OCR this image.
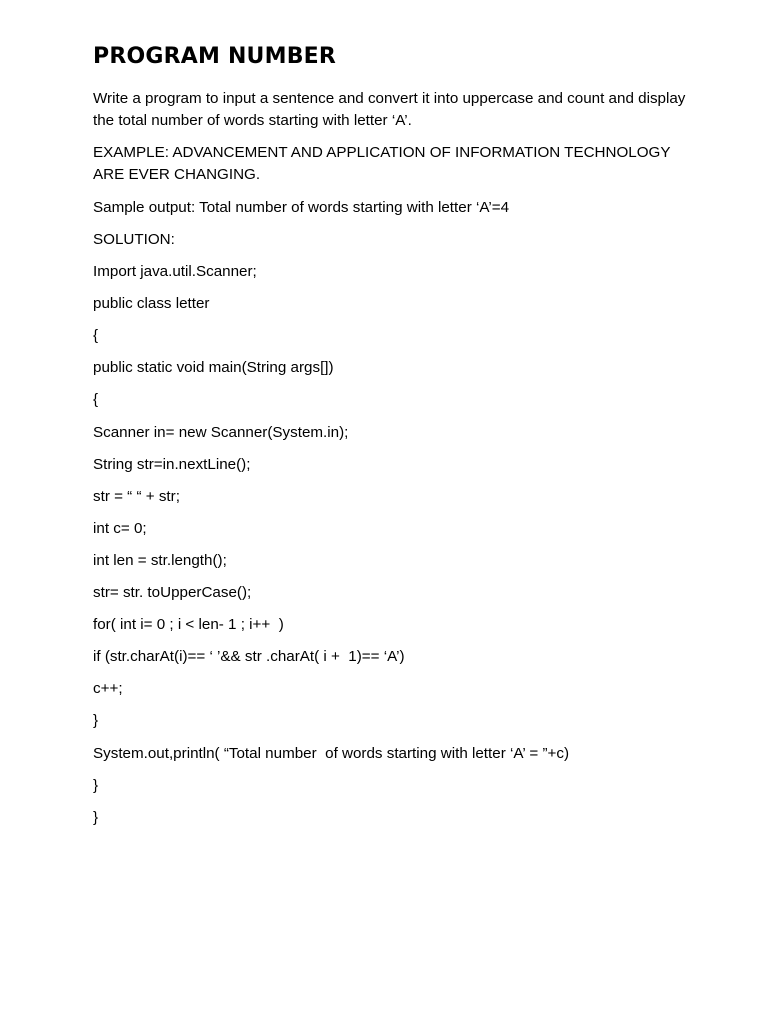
PROGRAM NUMBER

Write a program to input a sentence and convert it into uppercase and count and display the total number of words starting with letter ‘A’.

EXAMPLE: ADVANCEMENT AND APPLICATION OF INFORMATION TECHNOLOGY ARE EVER CHANGING.

Sample output: Total number of words starting with letter ‘A’=4

SOLUTION:

Import java.util.Scanner;

public class letter

{

public static void main(String args[])

{

Scanner in= new Scanner(System.in);

String str=in.nextLine();

str = “ “ + str;

int c= 0;

int len = str.length();

str= str. toUpperCase();

for( int i= 0 ; i < len- 1 ; i++  )

if (str.charAt(i)== ‘ ’&& str .charAt( i +  1)== ‘A’)

c++;

}

System.out,println( “Total number  of words starting with letter ‘A’ = ”+c)

}

}
